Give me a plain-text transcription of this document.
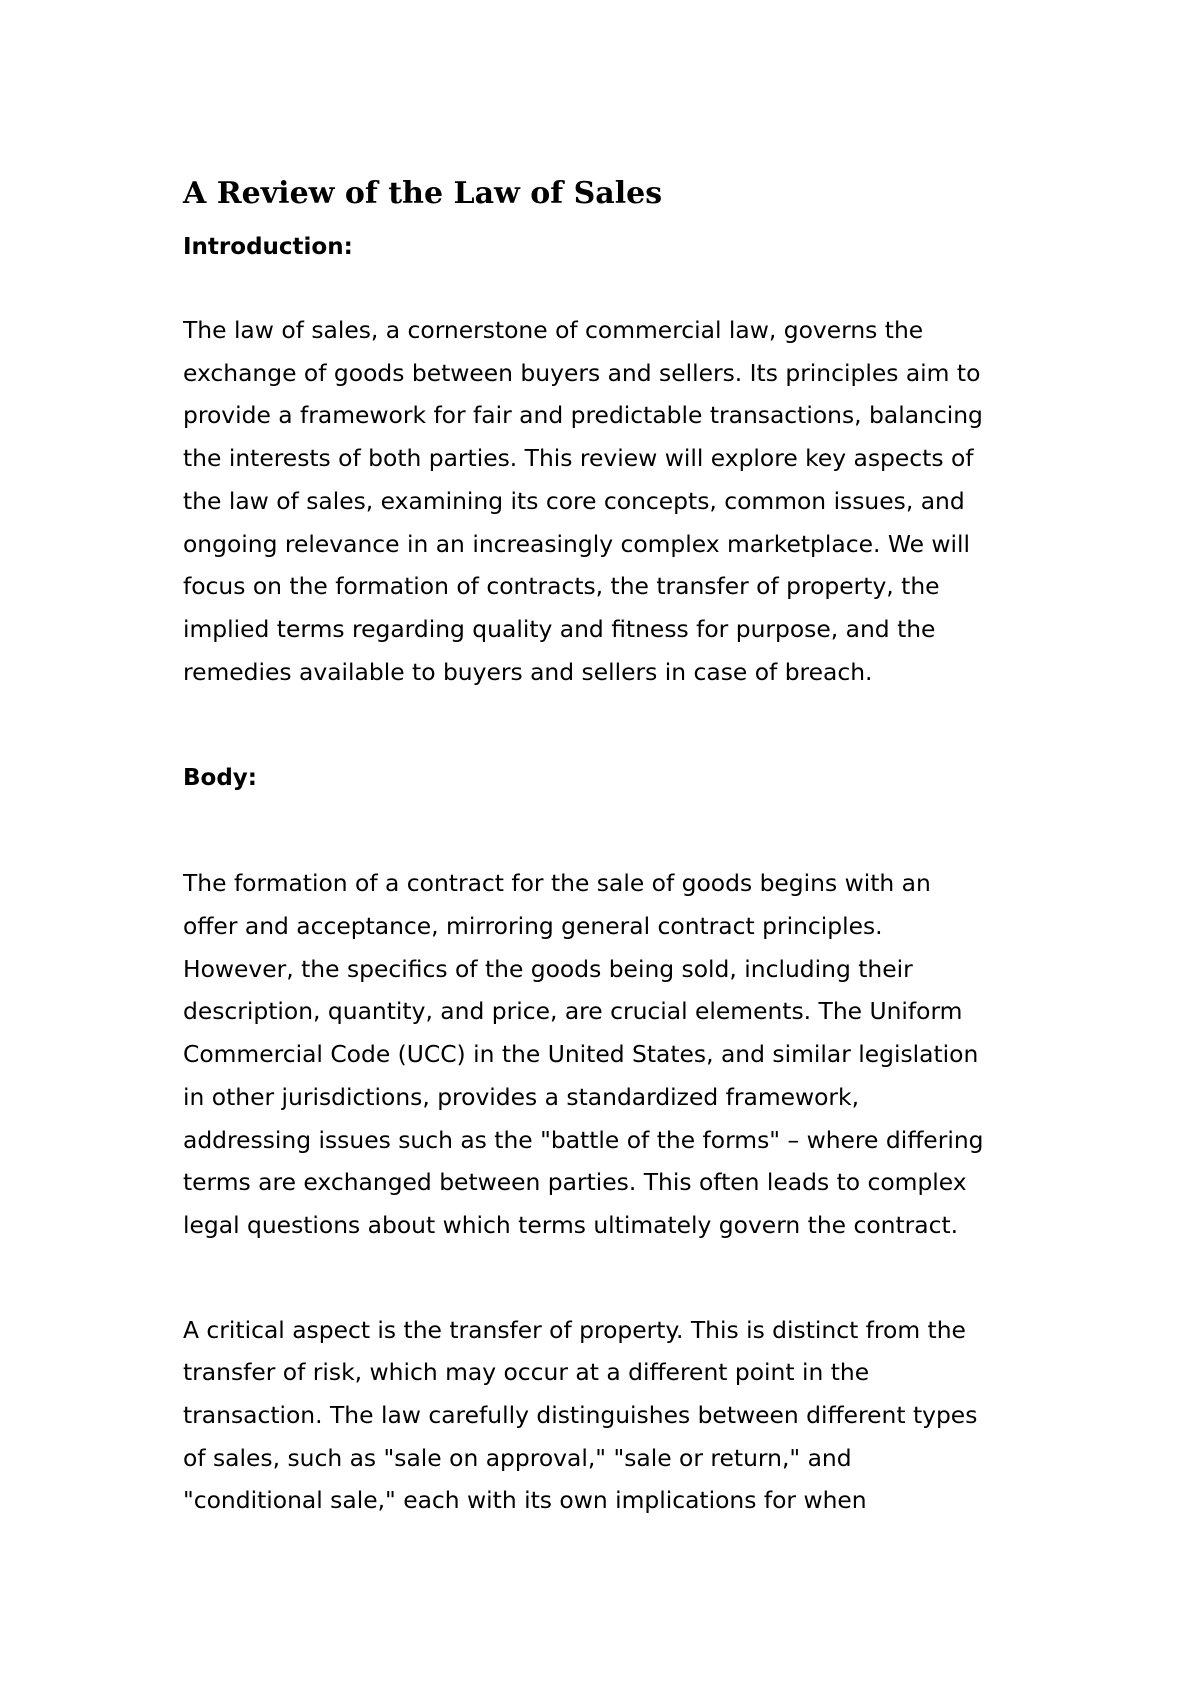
A Review of the Law of Sales
Introduction:

The law of sales, a cornerstone of commercial law, governs the
exchange of goods between buyers and sellers. Its principles aim to
provide a framework for fair and predictable transactions, balancing
the interests of both parties. This review will explore key aspects of
the law of sales, examining its core concepts, common issues, and
ongoing relevance in an increasingly complex marketplace. We will
focus on the formation of contracts, the transfer of property, the
implied terms regarding quality and fitness for purpose, and the
remedies available to buyers and sellers in case of breach.

Body:

The formation of a contract for the sale of goods begins with an
offer and acceptance, mirroring general contract principles.
However, the specifics of the goods being sold, including their
description, quantity, and price, are crucial elements. The Uniform
Commercial Code (UCC) in the United States, and similar legislation
in other jurisdictions, provides a standardized framework,
addressing issues such as the "battle of the forms" – where differing
terms are exchanged between parties. This often leads to complex
legal questions about which terms ultimately govern the contract.

A critical aspect is the transfer of property. This is distinct from the
transfer of risk, which may occur at a different point in the
transaction. The law carefully distinguishes between different types
of sales, such as "sale on approval," "sale or return," and
"conditional sale," each with its own implications for when
